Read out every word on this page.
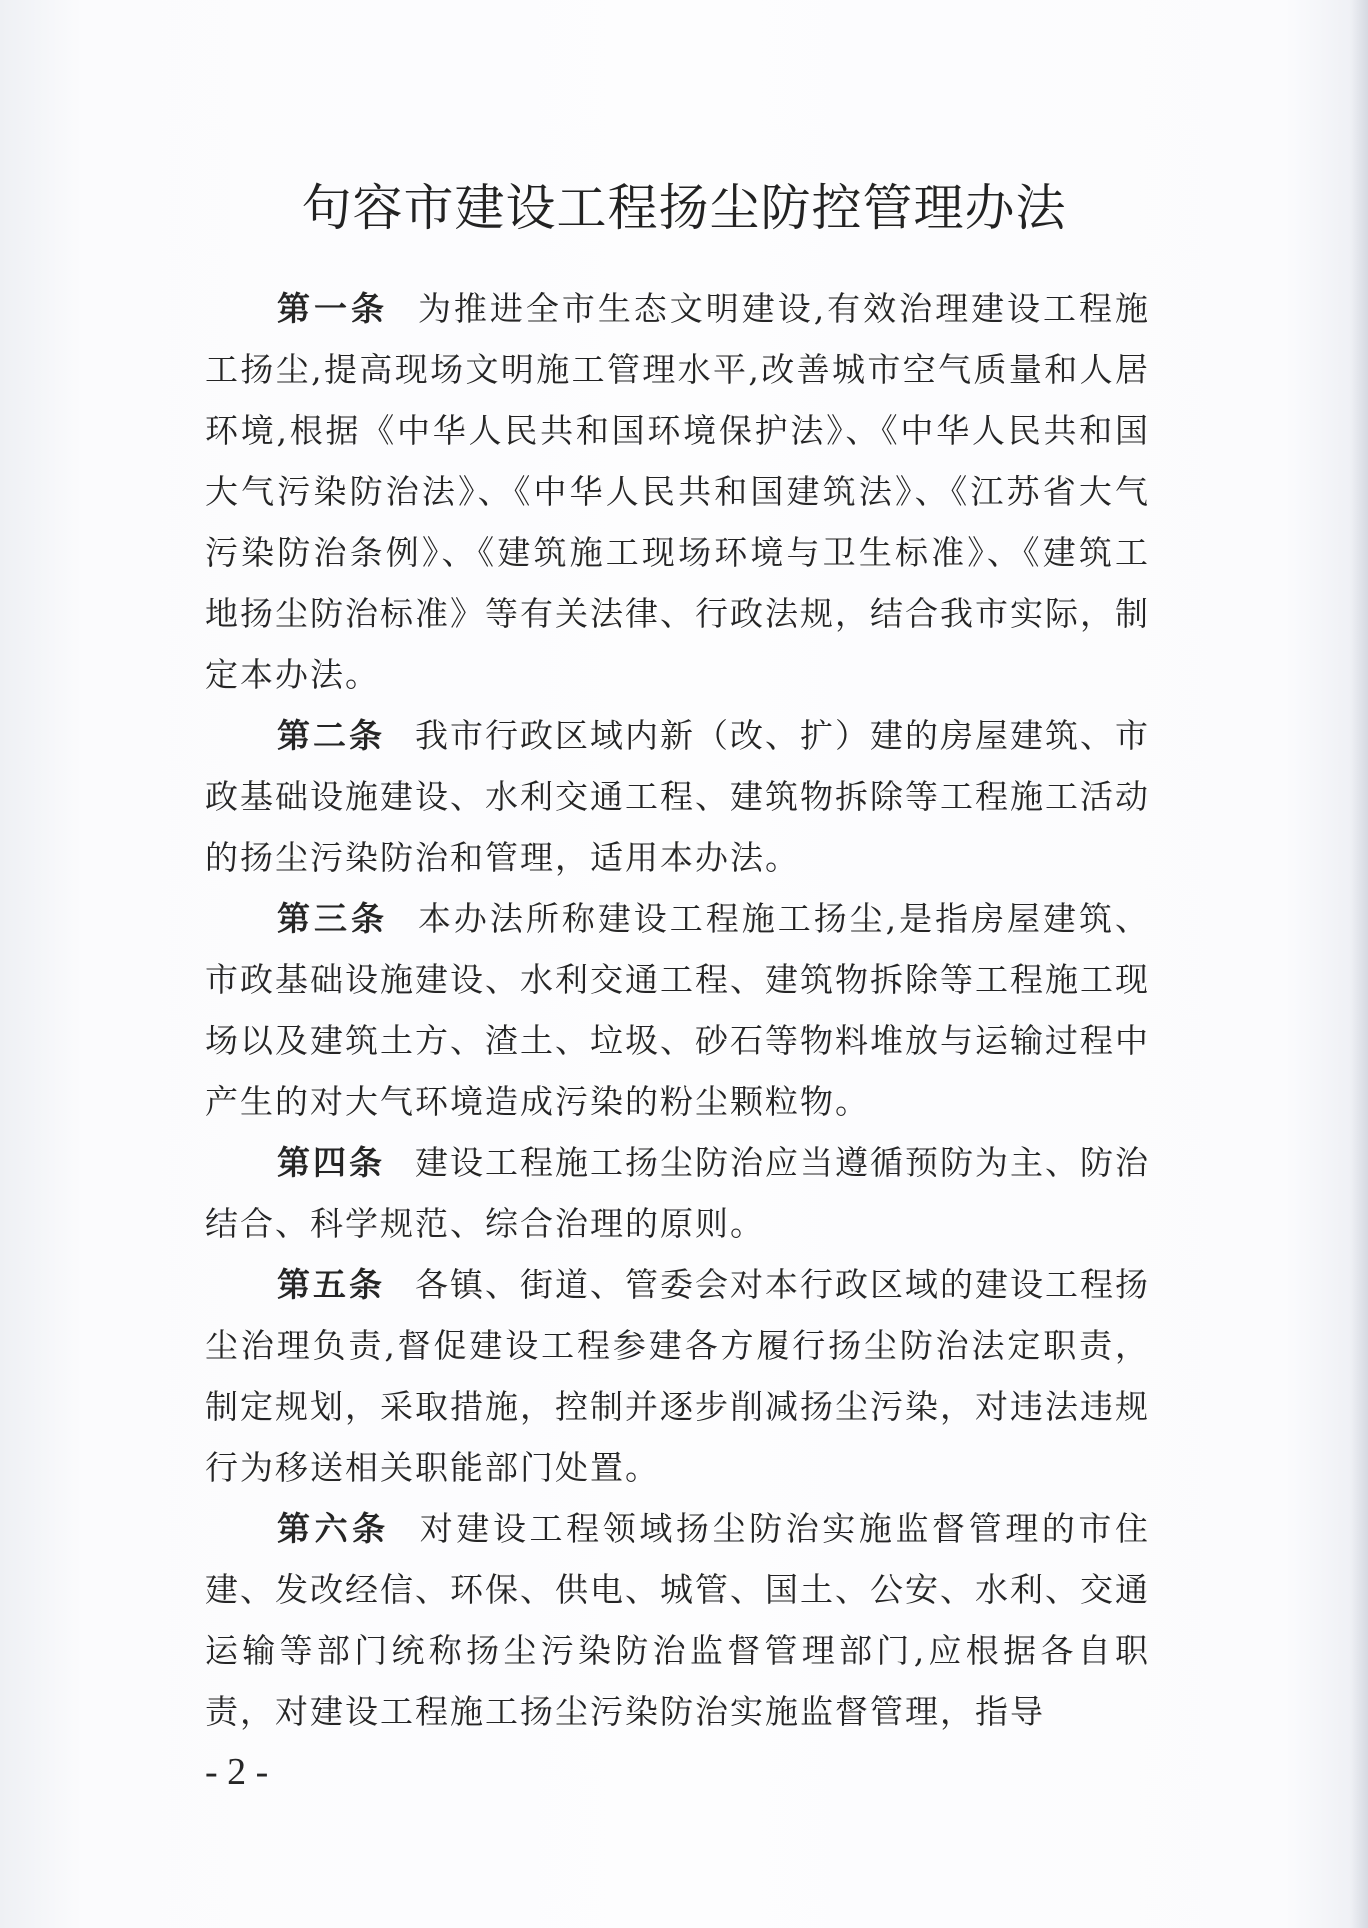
句容市建设工程扬尘防控管理办法

第一条 为推进全市生态文明建设,有效治理建设工程施工扬尘,提高现场文明施工管理水平,改善城市空气质量和人居环境,根据《中华人民共和国环境保护法》、《中华人民共和国大气污染防治法》、《中华人民共和国建筑法》、《江苏省大气污染防治条例》、《建筑施工现场环境与卫生标准》、《建筑工地扬尘防治标准》等有关法律、行政法规，结合我市实际，制定本办法。

第二条 我市行政区域内新（改、扩）建的房屋建筑、市政基础设施建设、水利交通工程、建筑物拆除等工程施工活动的扬尘污染防治和管理，适用本办法。

第三条 本办法所称建设工程施工扬尘,是指房屋建筑、市政基础设施建设、水利交通工程、建筑物拆除等工程施工现场以及建筑土方、渣土、垃圾、砂石等物料堆放与运输过程中产生的对大气环境造成污染的粉尘颗粒物。

第四条 建设工程施工扬尘防治应当遵循预防为主、防治结合、科学规范、综合治理的原则。

第五条 各镇、街道、管委会对本行政区域的建设工程扬尘治理负责,督促建设工程参建各方履行扬尘防治法定职责，制定规划，采取措施，控制并逐步削减扬尘污染，对违法违规行为移送相关职能部门处置。

第六条 对建设工程领域扬尘防治实施监督管理的市住建、发改经信、环保、供电、城管、国土、公安、水利、交通运输等部门统称扬尘污染防治监督管理部门,应根据各自职责，对建设工程施工扬尘污染防治实施监督管理，指导

- 2 -
